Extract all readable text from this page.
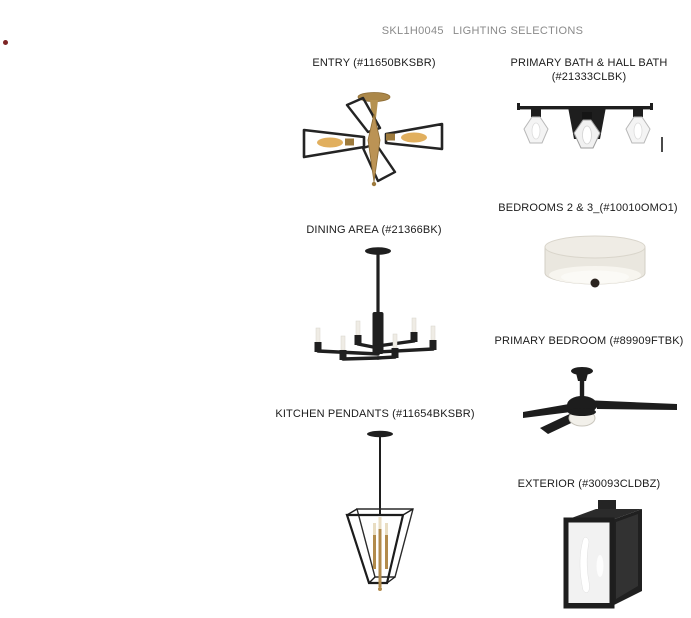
SKL1H0045 LIGHTING SELECTIONS
ENTRY (#11650BKSBR)	PRIMARY BATH & HALL BATH
(#21333CLBK)
DINING AREA (#21366BK)
BEDROOMS 2 & 3_(#10010OMO1)
PRIMARY BEDROOM (#89909FTBK)
KITCHEN PENDANTS (#11654BKSBR)
EXTERIOR (#30093CLDBZ)
